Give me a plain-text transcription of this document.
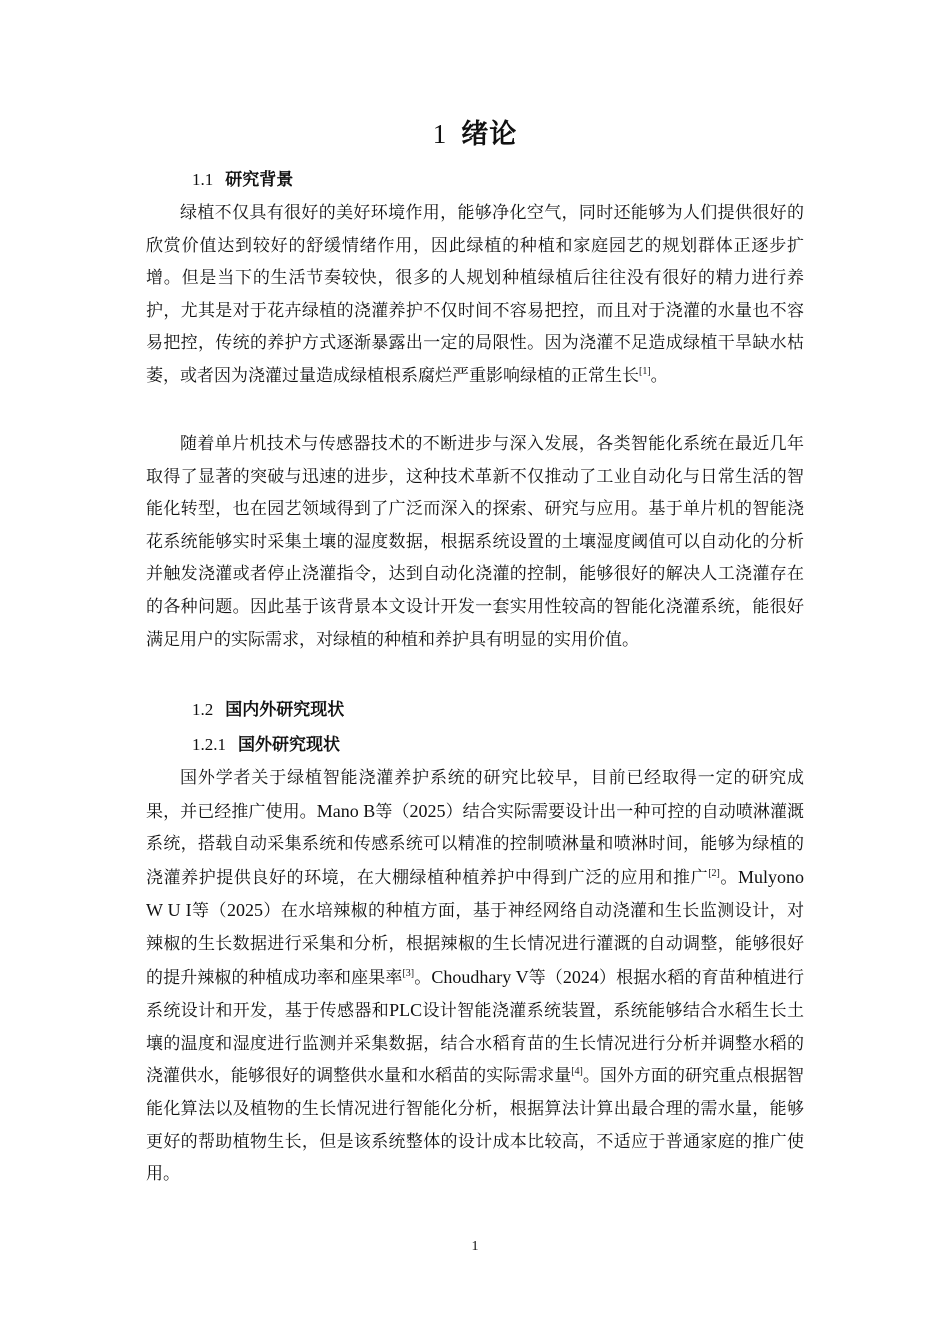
1 绪论
1.1 研究背景

绿植不仅具有很好的美好环境作用，能够净化空气，同时还能够为人们提供很好的欣赏价值达到较好的舒缓情绪作用，因此绿植的种植和家庭园艺的规划群体正逐步扩增。但是当下的生活节奏较快，很多的人规划种植绿植后往往没有很好的精力进行养护，尤其是对于花卉绿植的浇灌养护不仅时间不容易把控，而且对于浇灌的水量也不容易把控，传统的养护方式逐渐暴露出一定的局限性。因为浇灌不足造成绿植干旱缺水枯萎，或者因为浇灌过量造成绿植根系腐烂严重影响绿植的正常生长[1]。

随着单片机技术与传感器技术的不断进步与深入发展，各类智能化系统在最近几年取得了显著的突破与迅速的进步，这种技术革新不仅推动了工业自动化与日常生活的智能化转型，也在园艺领域得到了广泛而深入的探索、研究与应用。基于单片机的智能浇花系统能够实时采集土壤的湿度数据，根据系统设置的土壤湿度阈值可以自动化的分析并触发浇灌或者停止浇灌指令，达到自动化浇灌的控制，能够很好的解决人工浇灌存在的各种问题。因此基于该背景本文设计开发一套实用性较高的智能化浇灌系统，能很好满足用户的实际需求，对绿植的种植和养护具有明显的实用价值。

1.2 国内外研究现状
1.2.1 国外研究现状

国外学者关于绿植智能浇灌养护系统的研究比较早，目前已经取得一定的研究成果，并已经推广使用。Mano B等（2025）结合实际需要设计出一种可控的自动喷淋灌溉系统，搭载自动采集系统和传感系统可以精准的控制喷淋量和喷淋时间，能够为绿植的浇灌养护提供良好的环境，在大棚绿植种植养护中得到广泛的应用和推广[2]。Mulyono W U I等（2025）在水培辣椒的种植方面，基于神经网络自动浇灌和生长监测设计，对辣椒的生长数据进行采集和分析，根据辣椒的生长情况进行灌溉的自动调整，能够很好的提升辣椒的种植成功率和座果率[3]。Choudhary V等（2024）根据水稻的育苗种植进行系统设计和开发，基于传感器和PLC设计智能浇灌系统装置，系统能够结合水稻生长土壤的温度和湿度进行监测并采集数据，结合水稻育苗的生长情况进行分析并调整水稻的浇灌供水，能够很好的调整供水量和水稻苗的实际需求量[4]。国外方面的研究重点根据智能化算法以及植物的生长情况进行智能化分析，根据算法计算出最合理的需水量，能够更好的帮助植物生长，但是该系统整体的设计成本比较高，不适应于普通家庭的推广使用。

1
